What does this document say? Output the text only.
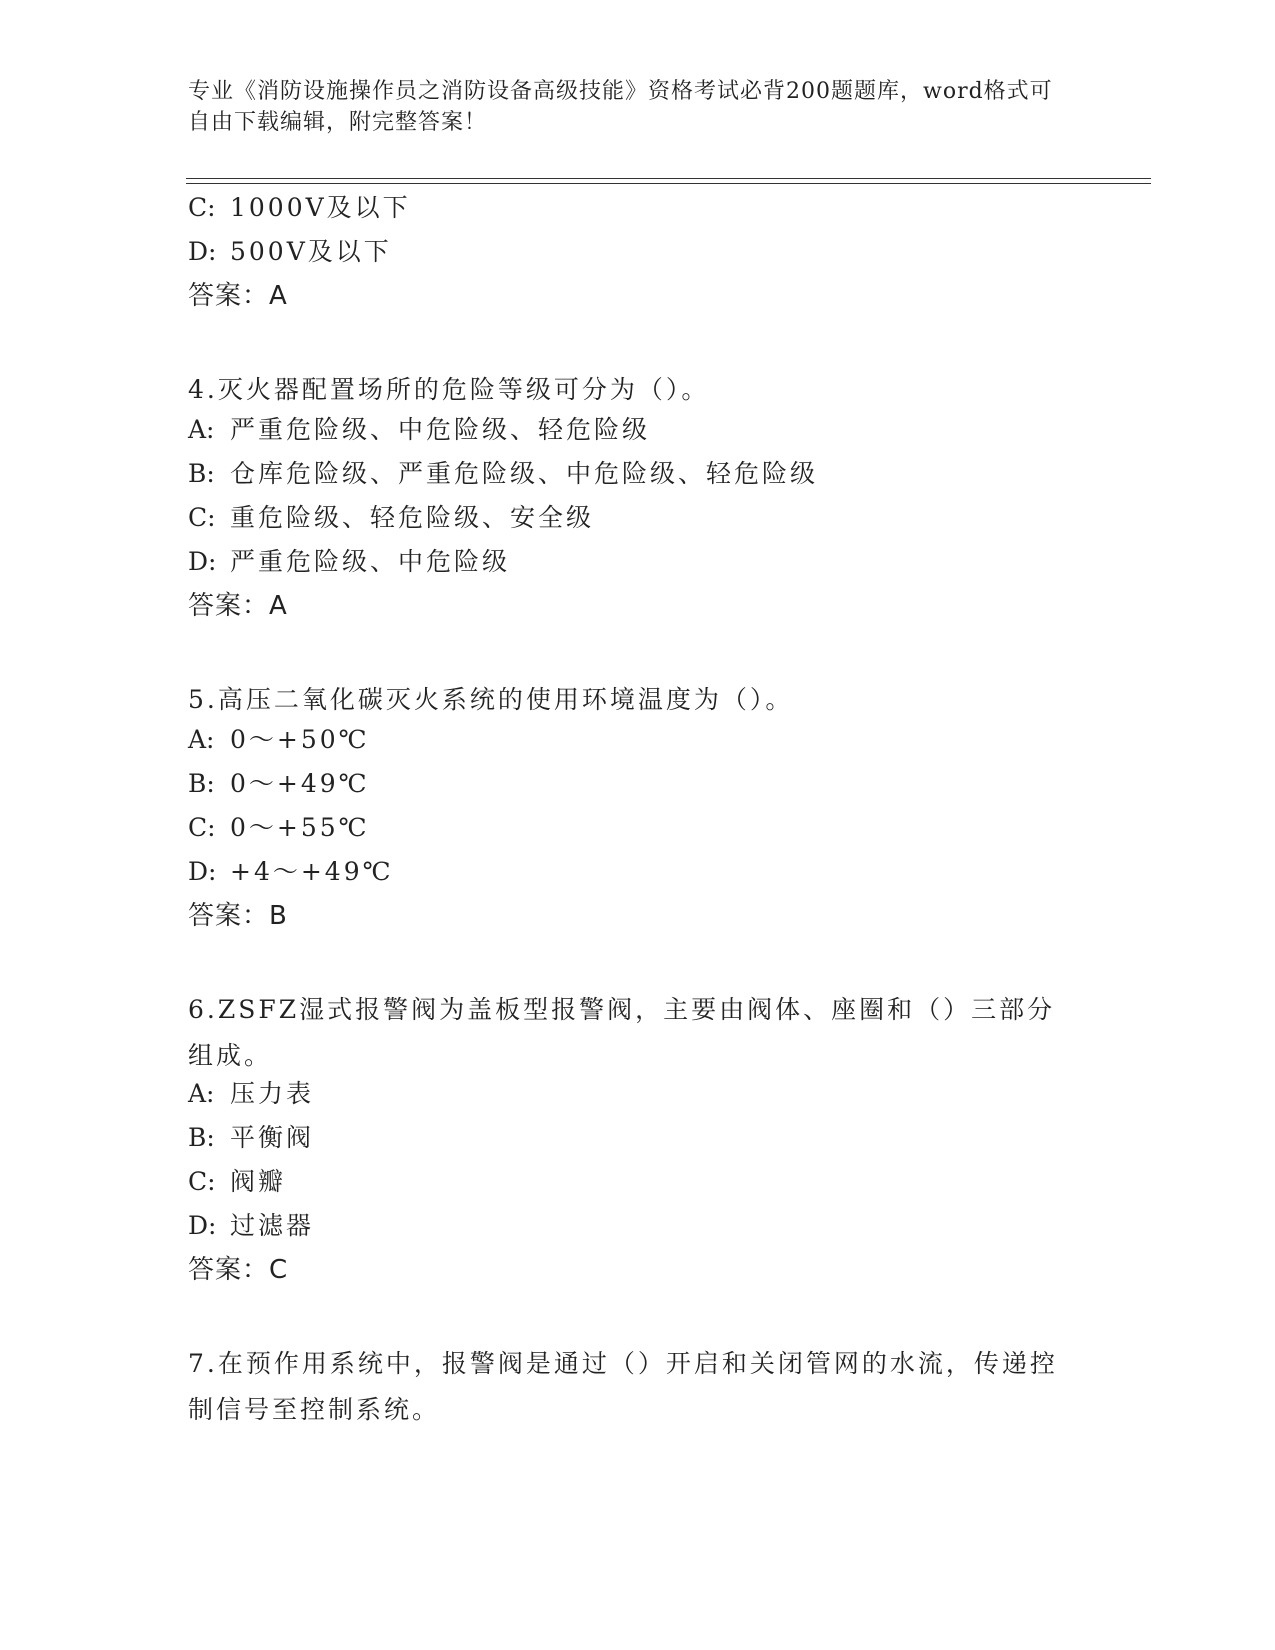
专业《消防设施操作员之消防设备高级技能》资格考试必背200题题库，word格式可自由下载编辑，附完整答案！
C: 1000V及以下
D: 500V及以下
答案：A
4.灭火器配置场所的危险等级可分为（）。
A: 严重危险级、中危险级、轻危险级
B: 仓库危险级、严重危险级、中危险级、轻危险级
C: 重危险级、轻危险级、安全级
D: 严重危险级、中危险级
答案：A
5.高压二氧化碳灭火系统的使用环境温度为（）。
A: 0～+50℃
B: 0～+49℃
C: 0～+55℃
D: +4～+49℃
答案：B
6.ZSFZ湿式报警阀为盖板型报警阀，主要由阀体、座圈和（）三部分组成。
A: 压力表
B: 平衡阀
C: 阀瓣
D: 过滤器
答案：C
7.在预作用系统中，报警阀是通过（）开启和关闭管网的水流，传递控制信号至控制系统。
